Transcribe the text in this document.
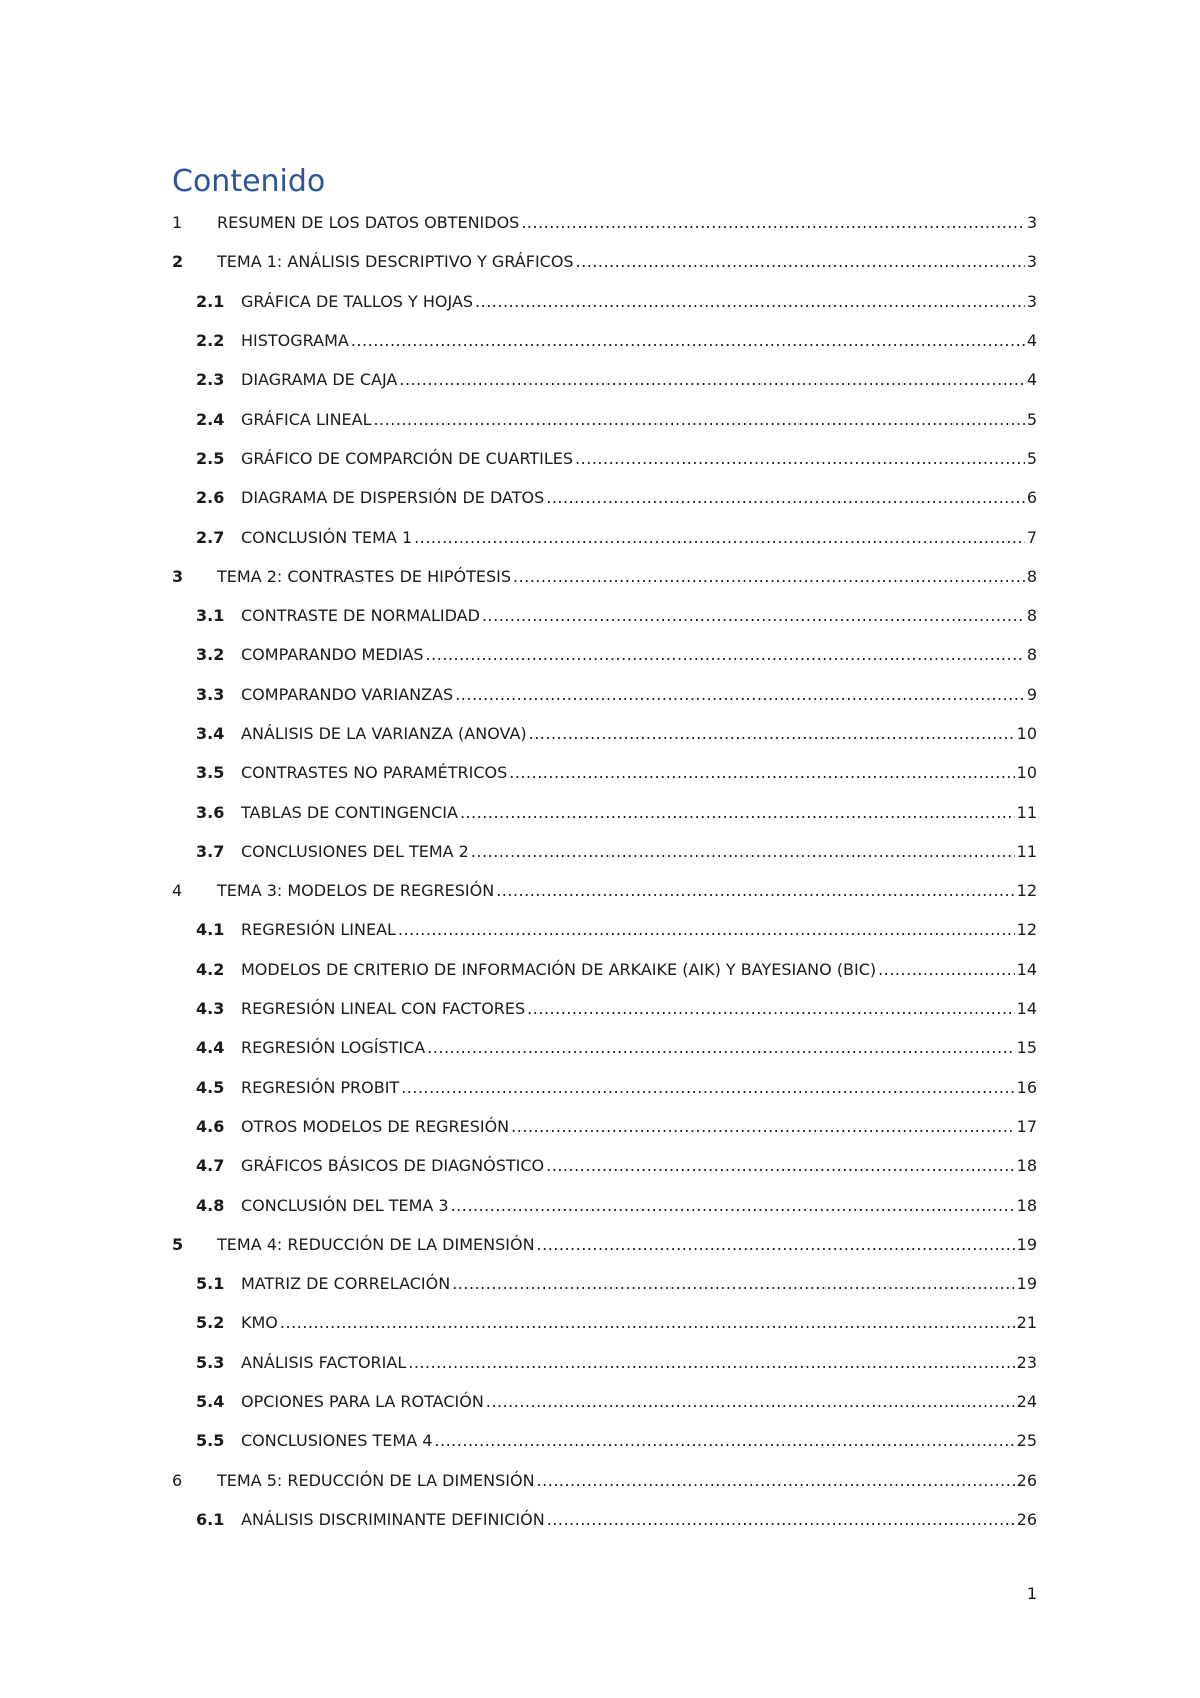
Contenido
1	RESUMEN DE LOS DATOS OBTENIDOS .....	3
2	TEMA 1: ANÁLISIS DESCRIPTIVO Y GRÁFICOS .....	3
2.1	GRÁFICA DE TALLOS Y HOJAS .....	3
2.2	HISTOGRAMA .....	4
2.3	DIAGRAMA DE CAJA .....	4
2.4	GRÁFICA LINEAL .....	5
2.5	GRÁFICO DE COMPARCIÓN DE CUARTILES .....	5
2.6	DIAGRAMA DE DISPERSIÓN DE DATOS .....	6
2.7	CONCLUSIÓN TEMA 1 .....	7
3	TEMA 2: CONTRASTES DE HIPÓTESIS .....	8
3.1	CONTRASTE DE NORMALIDAD .....	8
3.2	COMPARANDO MEDIAS .....	8
3.3	COMPARANDO VARIANZAS .....	9
3.4	ANÁLISIS DE LA VARIANZA (ANOVA) .....	10
3.5	CONTRASTES NO PARAMÉTRICOS .....	10
3.6	TABLAS DE CONTINGENCIA .....	11
3.7	CONCLUSIONES DEL TEMA 2 .....	11
4	TEMA 3: MODELOS DE REGRESIÓN .....	12
4.1	REGRESIÓN LINEAL .....	12
4.2	MODELOS DE CRITERIO DE INFORMACIÓN DE ARKAIKE (AIK) Y BAYESIANO (BIC) .....	14
4.3	REGRESIÓN LINEAL CON FACTORES .....	14
4.4	REGRESIÓN LOGÍSTICA .....	15
4.5	REGRESIÓN PROBIT .....	16
4.6	OTROS MODELOS DE REGRESIÓN .....	17
4.7	GRÁFICOS BÁSICOS DE DIAGNÓSTICO .....	18
4.8	CONCLUSIÓN DEL TEMA 3 .....	18
5	TEMA 4: REDUCCIÓN DE LA DIMENSIÓN .....	19
5.1	MATRIZ DE CORRELACIÓN .....	19
5.2	KMO .....	21
5.3	ANÁLISIS FACTORIAL .....	23
5.4	OPCIONES PARA LA ROTACIÓN .....	24
5.5	CONCLUSIONES TEMA 4 .....	25
6	TEMA 5: REDUCCIÓN DE LA DIMENSIÓN .....	26
6.1	ANÁLISIS DISCRIMINANTE DEFINICIÓN .....	26
1
